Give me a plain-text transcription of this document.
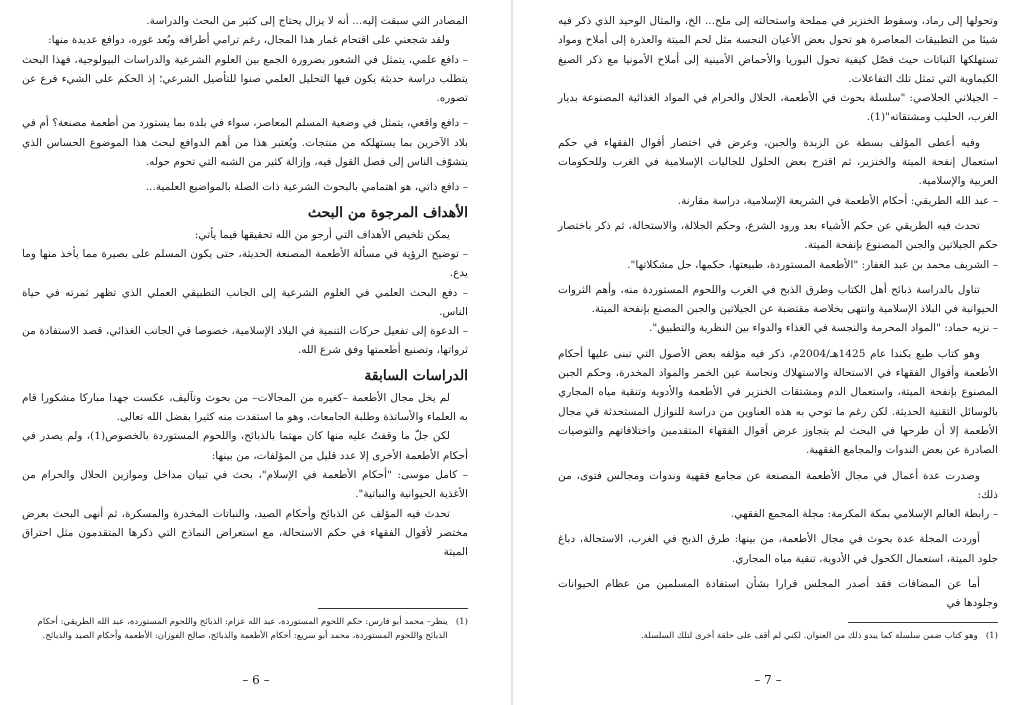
المصادر التي سبقت إليه... أنه لا يزال يحتاج إلى كثير من البحث والدراسة.

ولقد شجعني على اقتحام غمار هذا المجال، رغم ترامي أطرافه وبُعد غوره، دوافع عديدة منها:

– دافع علمي، يتمثل في الشعور بضرورة الجمع بين العلوم الشرعية والدراسات البيولوجية، فهذا البحث يتطلب دراسة حديثة يكون فيها التحليل العلمي صنوا للتأصيل الشرعي؛ إذ الحكم على الشيء فرع عن تصوره.

– دافع واقعي، يتمثل في وضعية المسلم المعاصر، سواء في بلده بما يستورد من أطعمة مصنعة؟ أم في بلاد الآخرين بما يستهلكه من منتجات. ويُعتبر هذا من أهم الدوافع لبحث هذا الموضوع الحساس الذي يتشوّف الناس إلى فصل القول فيه، وإزالة كثير من الشبه التي تحوم حوله.

– دافع ذاتي، هو اهتمامي بالبحوث الشرعية ذات الصلة بالمواضيع العلمية...

الأهداف المرجوة من البحث

يمكن تلخيص الأهداف التي أرجو من الله تحقيقها فيما يأتي:

– توضيح الرؤية في مسألة الأطعمة المصنعة الحديثة، حتى يكون المسلم على بصيرة مما يأخذ منها وما يدع.

– دفع البحث العلمي في العلوم الشرعية إلى الجانب التطبيقي العملي الذي تظهر ثمرته في حياة الناس.

– الدعوة إلى تفعيل حركات التنمية في البلاد الإسلامية، خصوصا في الجانب الغذائي، قصد الاستفادة من ثرواتها، وتصنيع أطعمتها وفق شرع الله.

الدراسات السابقة

لم يخل مجال الأطعمة –كغيره من المجالات– من بحوث وتآليف، عكست جهدا مباركا مشكورا قام به العلماء والأساتذة وطلبة الجامعات، وهو ما استفدت منه كثيرا بفضل الله تعالى.

لكن جلّ ما وقفتُ عليه منها كان مهتما بالذبائح، واللحوم المستوردة بالخصوص(1)، ولم يصدر في أحكام الأطعمة الأخرى إلا عدد قليل من المؤلفات، من بينها:

– كامل موسى: "أحكام الأطعمة في الإسلام"، بحث في تبيان مداخل وموازين الحلال والحرام من الأغذية الحيوانية والنباتية".

تحدث فيه المؤلف عن الذبائح وأحكام الصيد، والنباتات المخدرة والمسكرة، ثم أنهى البحث بعرض مختصر لأقوال الفقهاء في حكم الاستحالة، مع استعراض النماذج التي ذكرها المتقدمون مثل احتراق الميتة

(1)
ينظر– محمد أبو فارس: حكم اللحوم المستوردة، عبد الله عزام: الذبائح واللحوم المستوردة، عبد الله الطريقي: أحكام الذبائح واللحوم المستوردة، محمد أبو سريع: أحكام الأطعمة والذبائح، صالح الفوزان: الأطعمة وأحكام الصيد والذبائح.
– 6 –

وتحولها إلى رماد، وسقوط الخنزير في مملحة واستحالته إلى ملح... الخ، والمثال الوحيد الذي ذكر فيه شيئا من التطبيقات المعاصرة هو تحول بعض الأعيان النجسة مثل لحم الميتة والعذرة إلى أملاح ومواد تستهلكها النباتات حيث فصّل كيفية تحول البوريا والأحماض الأمينية إلى أملاح الأمونيا مع ذكر الصيغ الكيماوية التي تمثل تلك التفاعلات.

– الجيلاني الجلاصي: "سلسلة بحوث في الأطعمة، الحلال والحرام في المواد الغذائية المصنوعة بديار الغرب، الحليب ومشتقاته"(1).

وفيه أعطى المؤلف بسطة عن الزبدة والجبن، وعرض في اختصار أقوال الفقهاء في حكم استعمال إنفحة الميتة والخنزير، ثم اقترح بعض الحلول للجاليات الإسلامية في الغرب وللحكومات العربية والإسلامية.

– عبد الله الطريقي: أحكام الأطعمة في الشريعة الإسلامية، دراسة مقارنة.

تحدث فيه الطريقي عن حكم الأشياء بعد ورود الشرع، وحكم الجلالة، والاستحالة، ثم ذكر باختصار حكم الجيلاتين والجبن المصنوع بإنفحة الميتة.

– الشريف محمد بن عبد الغفار: "الأطعمة المستوردة، طبيعتها، حكمها، حل مشكلاتها".

تناول بالدراسة ذبائح أهل الكتاب وطرق الذبح في الغرب واللحوم المستوردة منه، وأهم الثروات الحيوانية في البلاد الإسلامية وانتهى بخلاصة مقتضبة عن الجيلاتين والجبن المصنع بإنفحة الميتة.

– نزيه حماد: "المواد المحرمة والنجسة في الغذاء والدواء بين النظرية والتطبيق".

وهو كتاب طبع بكندا عام 1425هـ/2004م، ذكر فيه مؤلفه بعض الأصول التي تبنى عليها أحكام الأطعمة وأقوال الفقهاء في الاستحالة والاستهلاك ونجاسة عين الخمر والمواد المخدرة، وحكم الجبن المصنوع بإنفحة الميتة، واستعمال الدم ومشتقات الخنزير في الأطعمة والأدوية وتنقية مياه المجاري بالوسائل التقنية الحديثة. لكن رغم ما توحي به هذه العناوين من دراسة للنوازل المستحدثة في مجال الأطعمة إلا أن طرحها في البحث لم يتجاوز عرض أقوال الفقهاء المتقدمين واختلافاتهم والتوصيات الصادرة عن بعض الندوات والمجامع الفقهية.

وصدرت عدة أعمال في مجال الأطعمة المصنعة عن مجامع فقهية وندوات ومجالس فتوى، من ذلك:

– رابطة العالم الإسلامي بمكة المكرمة: مجلة المجمع الفقهي.

أوردت المجلة عدة بحوث في مجال الأطعمة، من بينها: طرق الذبح في الغرب، الاستحالة، دباغ جلود الميتة، استعمال الكحول في الأدوية، تنقية مياه المجاري.

أما عن المضافات فقد أصدر المجلس قرارا بشأن استفادة المسلمين من عظام الحيوانات وجلودها في

(1)
وهو كتاب ضمن سلسلة كما يبدو ذلك من العنوان. لكني لم أقف على حلقة أخرى لتلك السلسلة.
– 7 –
